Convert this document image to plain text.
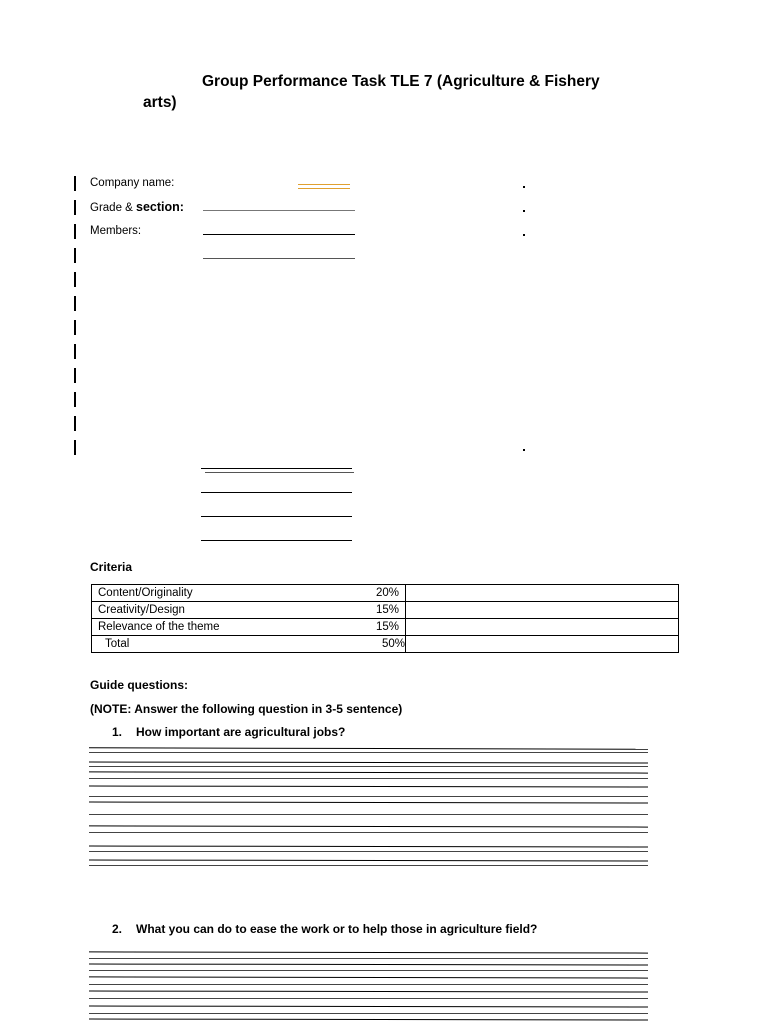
Group Performance Task TLE 7 (Agriculture & Fishery
arts)
Company name:
Grade & section:
Members:
Criteria
Content/Originality	20%	
Creativity/Design	15%	
Relevance of the theme	15%	
Total	50%	
Guide questions:
(NOTE: Answer the following question in 3-5 sentence)
1. How important are agricultural jobs?
2. What you can do to ease the work or to help those in agriculture field?
